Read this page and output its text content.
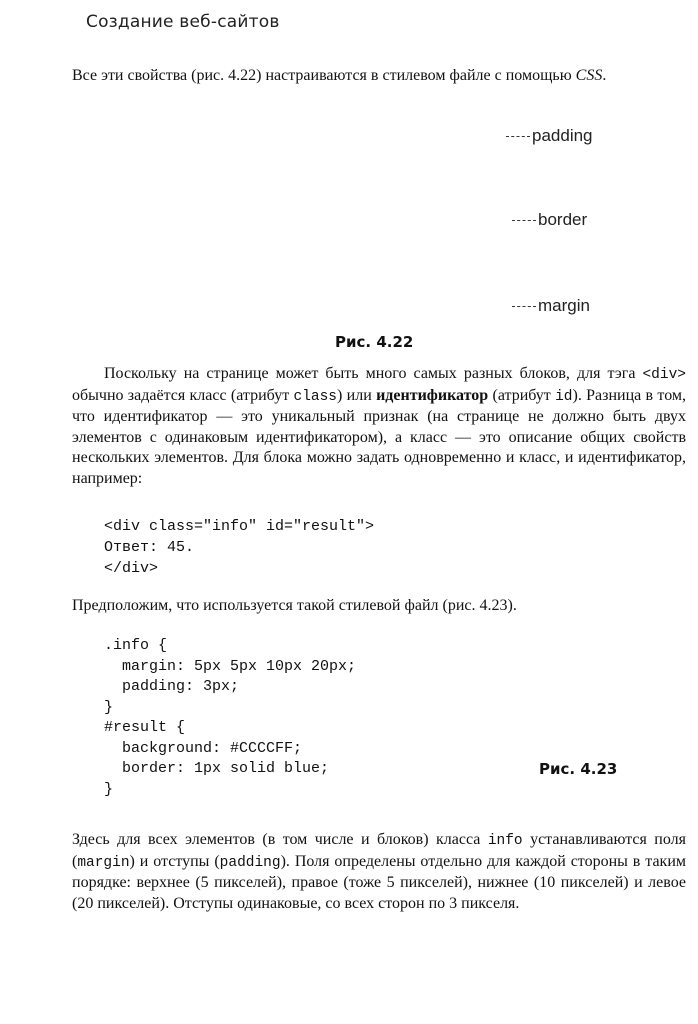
Создание веб-сайтов
Все эти свойства (рис. 4.22) настраиваются в стилевом файле с помощью CSS.
padding
border
margin
Рис. 4.22
Поскольку на странице может быть много самых разных блоков, для тэга <div> обычно задаётся класс (атрибут class) или идентификатор (атрибут id). Разница в том, что идентификатор — это уникальный признак (на странице не должно быть двух элементов с одинаковым идентификатором), а класс — это описание общих свойств нескольких элементов. Для блока можно задать одновременно и класс, и идентификатор, например:
<div class="info" id="result">
Ответ: 45.
</div>
Предположим, что используется такой стилевой файл (рис. 4.23).
.info {
margin: 5px 5px 10px 20px;
padding: 3px;
}
#result {
background: #CCCCFF;
border: 1px solid blue;
}
Рис. 4.23
Здесь для всех элементов (в том числе и блоков) класса info устанавливаются поля (margin) и отступы (padding). Поля определены отдельно для каждой стороны в таким порядке: верхнее (5 пикселей), правое (тоже 5 пикселей), нижнее (10 пикселей) и левое (20 пикселей). Отступы одинаковые, со всех сторон по 3 пикселя.
